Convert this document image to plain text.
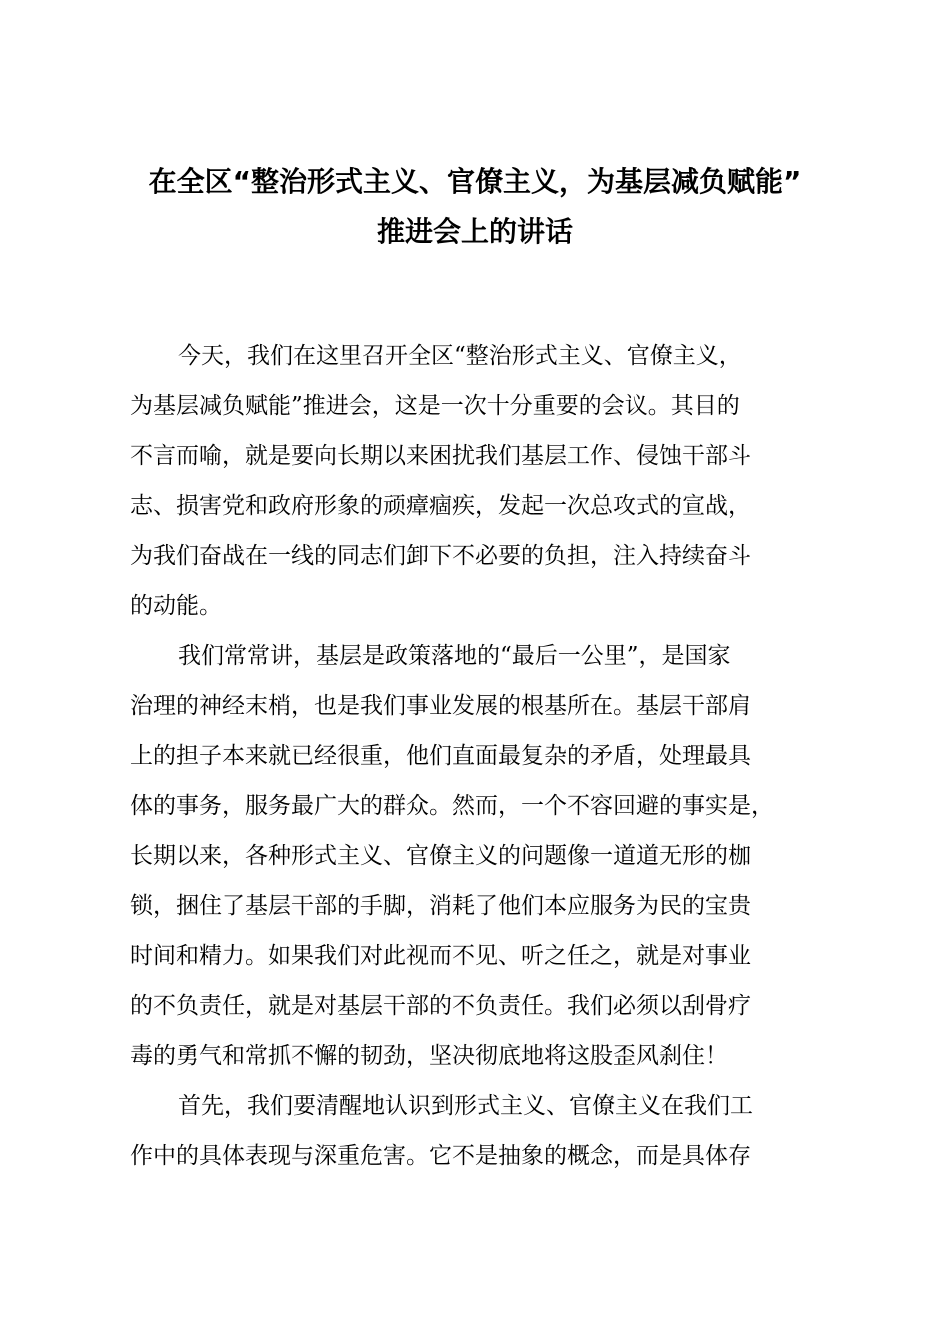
在全区“整治形式主义、官僚主义，为基层减负赋能”
推进会上的讲话
今天，我们在这里召开全区“整治形式主义、官僚主义，
为基层减负赋能”推进会，这是一次十分重要的会议。其目的
不言而喻，就是要向长期以来困扰我们基层工作、侵蚀干部斗
志、损害党和政府形象的顽瘴痼疾，发起一次总攻式的宣战，
为我们奋战在一线的同志们卸下不必要的负担，注入持续奋斗
的动能。
我们常常讲，基层是政策落地的“最后一公里”，是国家
治理的神经末梢，也是我们事业发展的根基所在。基层干部肩
上的担子本来就已经很重，他们直面最复杂的矛盾，处理最具
体的事务，服务最广大的群众。然而，一个不容回避的事实是，
长期以来，各种形式主义、官僚主义的问题像一道道无形的枷
锁，捆住了基层干部的手脚，消耗了他们本应服务为民的宝贵
时间和精力。如果我们对此视而不见、听之任之，就是对事业
的不负责任，就是对基层干部的不负责任。我们必须以刮骨疗
毒的勇气和常抓不懈的韧劲，坚决彻底地将这股歪风刹住！
首先，我们要清醒地认识到形式主义、官僚主义在我们工
作中的具体表现与深重危害。它不是抽象的概念，而是具体存
